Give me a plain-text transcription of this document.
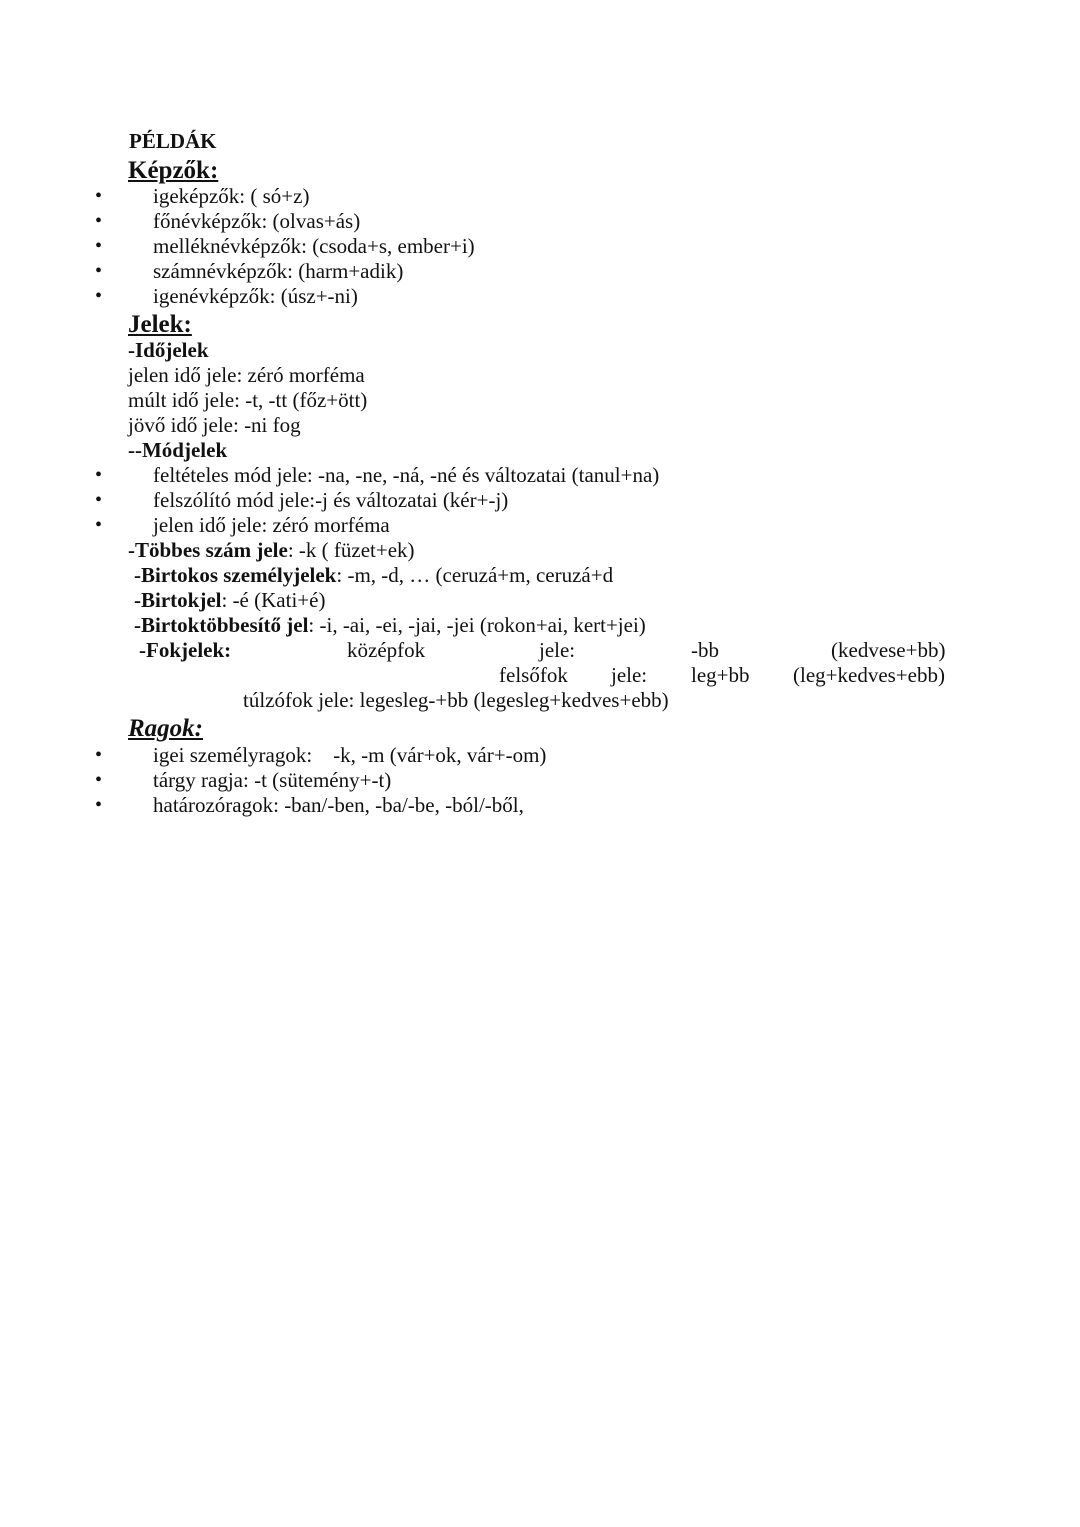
PÉLDÁK
Képzők:
• igeképzők: ( só+z)
• főnévképzők: (olvas+ás)
• melléknévképzők: (csoda+s, ember+i)
• számnévképzők: (harm+adik)
• igenévképzők: (úsz+-ni)
Jelek:
-Időjelek
jelen idő jele: zéró morféma
múlt idő jele: -t, -tt (főz+ött)
jövő idő jele: -ni fog
--Módjelek
• feltételes mód jele: -na, -ne, -ná, -né és változatai (tanul+na)
• felszólító mód jele:-j és változatai (kér+-j)
• jelen idő jele: zéró morféma
-Többes szám jele: -k ( füzet+ek)
-Birtokos személyjelek: -m, -d, … (ceruzá+m, ceruzá+d
-Birtokjel: -é (Kati+é)
-Birtoktöbbesítő jel: -i, -ai, -ei, -jai, -jei (rokon+ai, kert+jei)
-Fokjelek:	középfok	jele:	-bb	(kedvese+bb)
felsőfok jele: leg+bb (leg+kedves+ebb)
túlzófok jele: legesleg-+bb (legesleg+kedves+ebb)
Ragok:
• igei személyragok:    -k, -m (vár+ok, vár+-om)
• tárgy ragja: -t (sütemény+-t)
• határozóragok: -ban/-ben, -ba/-be, -ból/-ből,
